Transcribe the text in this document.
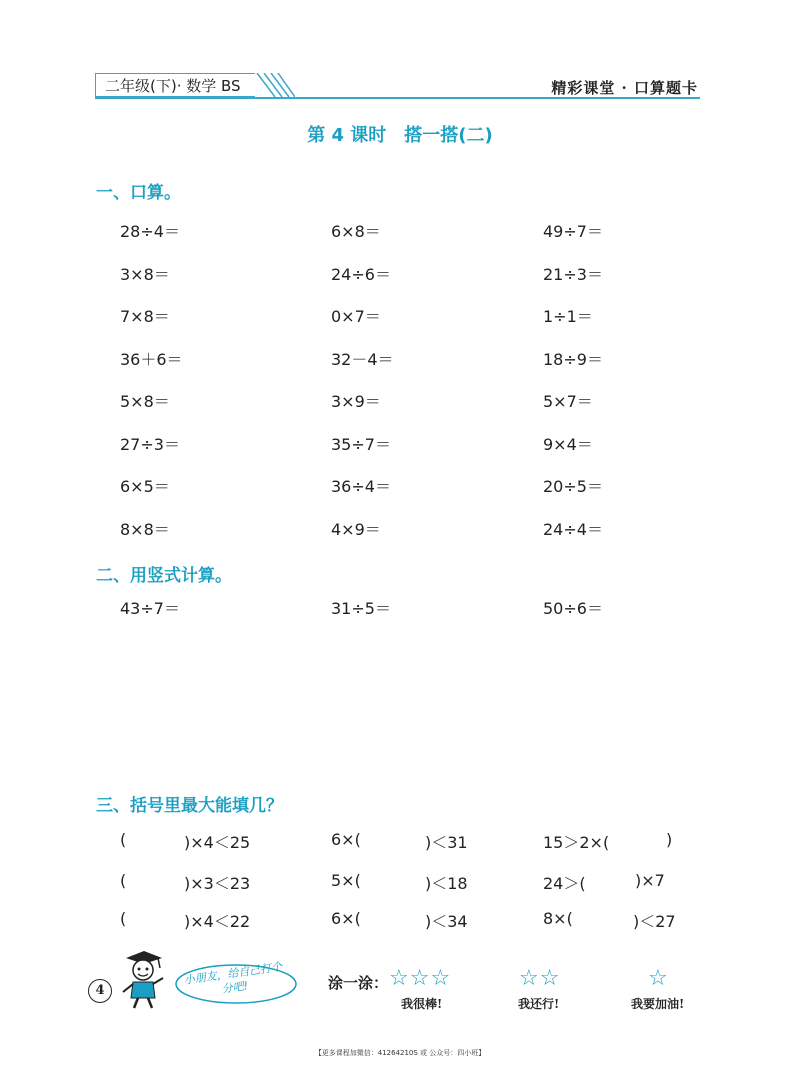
二年级(下)· 数学 BS	精彩课堂 · 口算题卡
第 4 课时 搭一搭(二)
一、口算。
28÷4＝	6×8＝	49÷7＝
3×8＝	24÷6＝	21÷3＝
7×8＝	0×7＝	1÷1＝
36＋6＝	32－4＝	18÷9＝
5×8＝	3×9＝	5×7＝
27÷3＝	35÷7＝	9×4＝
6×5＝	36÷4＝	20÷5＝
8×8＝	4×9＝	24÷4＝
二、用竖式计算。
43÷7＝	31÷5＝	50÷6＝
三、括号里最大能填几？
(	)×4＜25	6×(	)＜31	15＞2×(	)
(	)×3＜23	5×(	)＜18	24＞(	)×7
(	)×4＜22	6×(	)＜34	8×(	)＜27
4
小朋友，给自己打个分吧!	涂一涂： ☆ ☆ ☆
我很棒!
☆ ☆
我还行!
☆
我要加油!
【更多课程加微信：41264210S 或 公众号：四小班】
